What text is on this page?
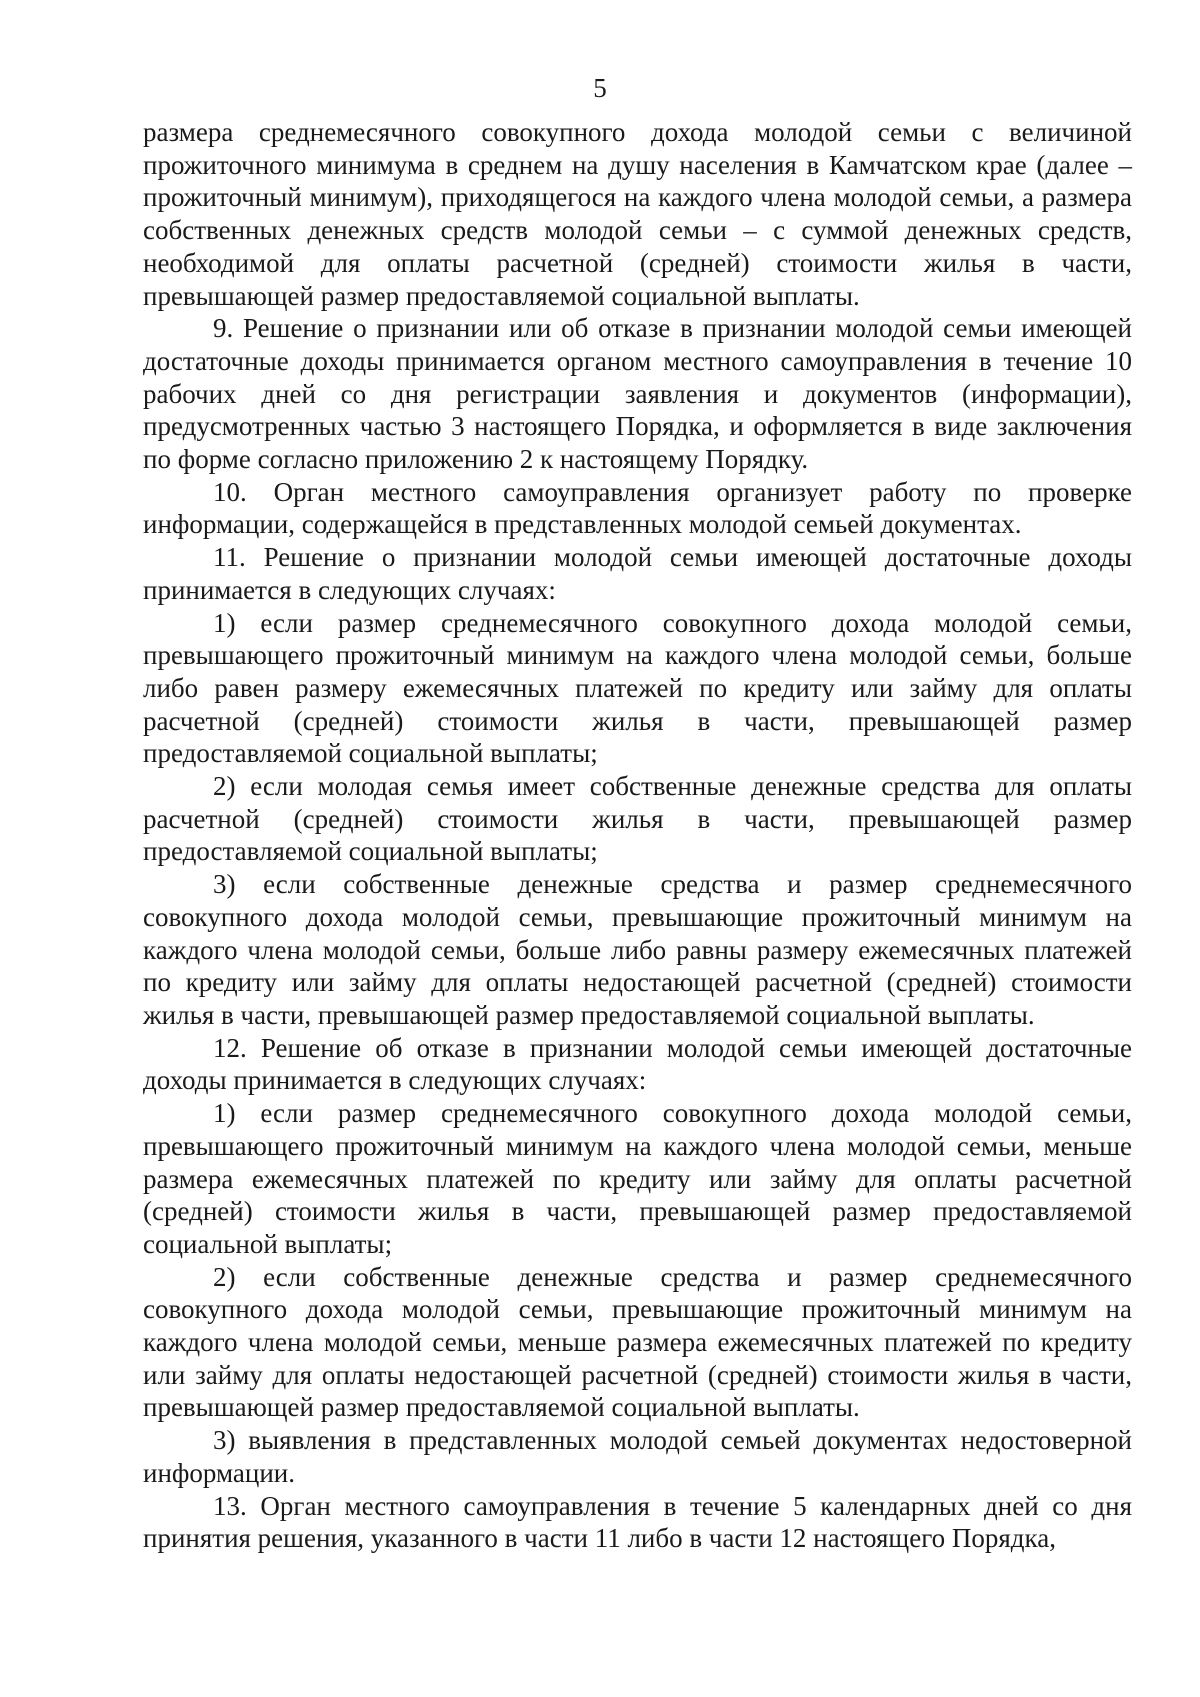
5

размера среднемесячного совокупного дохода молодой семьи с величиной прожиточного минимума в среднем на душу населения в Камчатском крае (далее – прожиточный минимум), приходящегося на каждого члена молодой семьи, а размера собственных денежных средств молодой семьи – с суммой денежных средств, необходимой для оплаты расчетной (средней) стоимости жилья в части, превышающей размер предоставляемой социальной выплаты.

9. Решение о признании или об отказе в признании молодой семьи имеющей достаточные доходы принимается органом местного самоуправления в течение 10 рабочих дней со дня регистрации заявления и документов (информации), предусмотренных частью 3 настоящего Порядка, и оформляется в виде заключения по форме согласно приложению 2 к настоящему Порядку.

10. Орган местного самоуправления организует работу по проверке информации, содержащейся в представленных молодой семьей документах.

11. Решение о признании молодой семьи имеющей достаточные доходы принимается в следующих случаях:

1) если размер среднемесячного совокупного дохода молодой семьи, превышающего прожиточный минимум на каждого члена молодой семьи, больше либо равен размеру ежемесячных платежей по кредиту или займу для оплаты расчетной (средней) стоимости жилья в части, превышающей размер предоставляемой социальной выплаты;

2) если молодая семья имеет собственные денежные средства для оплаты расчетной (средней) стоимости жилья в части, превышающей размер предоставляемой социальной выплаты;

3) если собственные денежные средства и размер среднемесячного совокупного дохода молодой семьи, превышающие прожиточный минимум на каждого члена молодой семьи, больше либо равны размеру ежемесячных платежей по кредиту или займу для оплаты недостающей расчетной (средней) стоимости жилья в части, превышающей размер предоставляемой социальной выплаты.

12. Решение об отказе в признании молодой семьи имеющей достаточные доходы принимается в следующих случаях:

1) если размер среднемесячного совокупного дохода молодой семьи, превышающего прожиточный минимум на каждого члена молодой семьи, меньше размера ежемесячных платежей по кредиту или займу для оплаты расчетной (средней) стоимости жилья в части, превышающей размер предоставляемой социальной выплаты;

2) если собственные денежные средства и размер среднемесячного совокупного дохода молодой семьи, превышающие прожиточный минимум на каждого члена молодой семьи, меньше размера ежемесячных платежей по кредиту или займу для оплаты недостающей расчетной (средней) стоимости жилья в части, превышающей размер предоставляемой социальной выплаты.

3) выявления в представленных молодой семьей документах недостоверной информации.

13. Орган местного самоуправления в течение 5 календарных дней со дня принятия решения, указанного в части 11 либо в части 12 настоящего Порядка,
